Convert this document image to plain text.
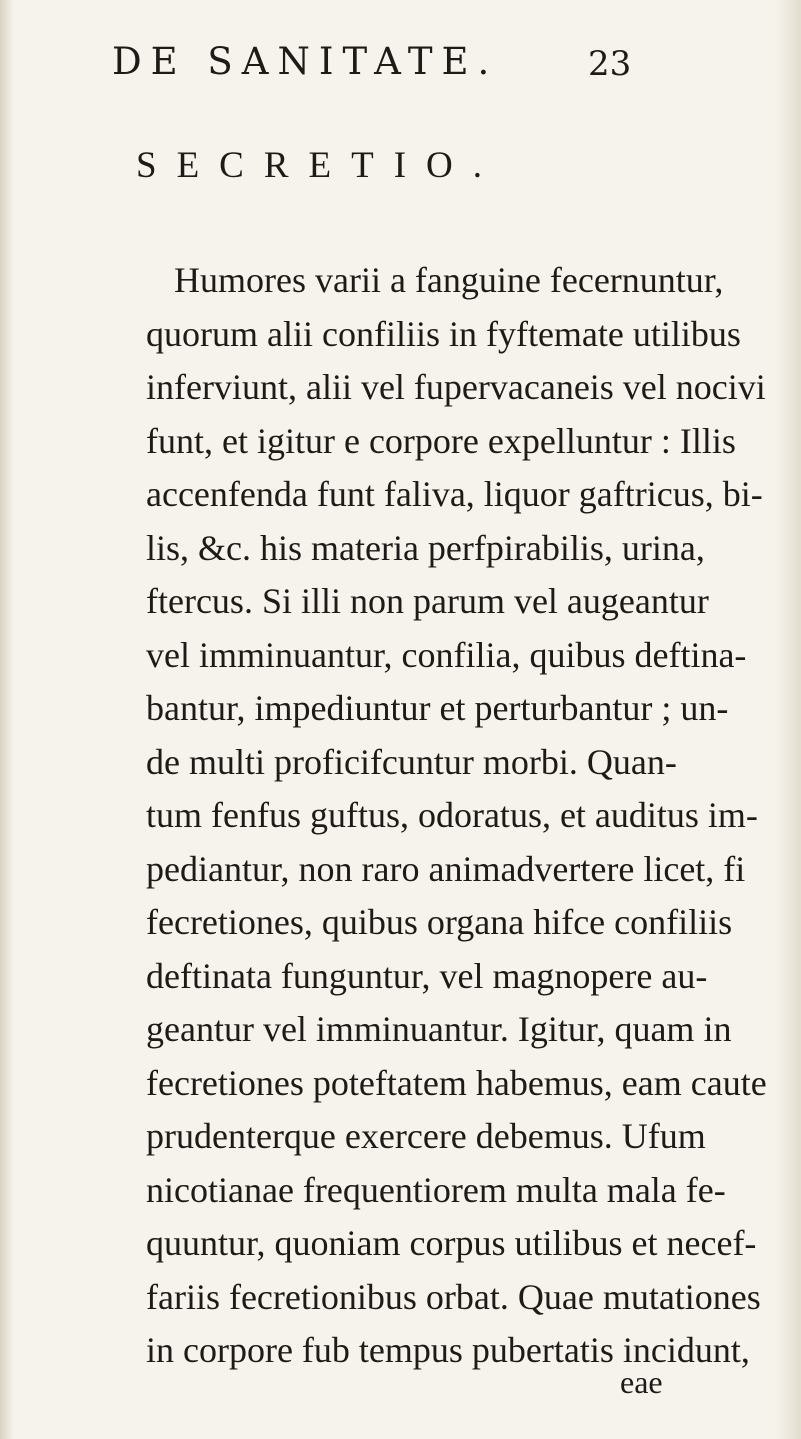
DE SANITATE.	23
SECRETIO.
Humores varii a fanguine fecernuntur,
quorum alii confiliis in fyftemate utilibus
inferviunt, alii vel fupervacaneis vel nocivi
funt, et igitur e corpore expelluntur : Illis
accenfenda funt faliva, liquor gaftricus, bi-
lis, &c. his materia perfpirabilis, urina,
ftercus. Si illi non parum vel augeantur
vel imminuantur, confilia, quibus deftina-
bantur, impediuntur et perturbantur ; un-
de multi proficifcuntur morbi. Quan-
tum fenfus guftus, odoratus, et auditus im-
pediantur, non raro animadvertere licet, fi
fecretiones, quibus organa hifce confiliis
deftinata funguntur, vel magnopere au-
geantur vel imminuantur. Igitur, quam in
fecretiones poteftatem habemus, eam caute
prudenterque exercere debemus. Ufum
nicotianae frequentiorem multa mala fe-
quuntur, quoniam corpus utilibus et necef-
fariis fecretionibus orbat. Quae mutationes
in corpore fub tempus pubertatis incidunt,
eae
